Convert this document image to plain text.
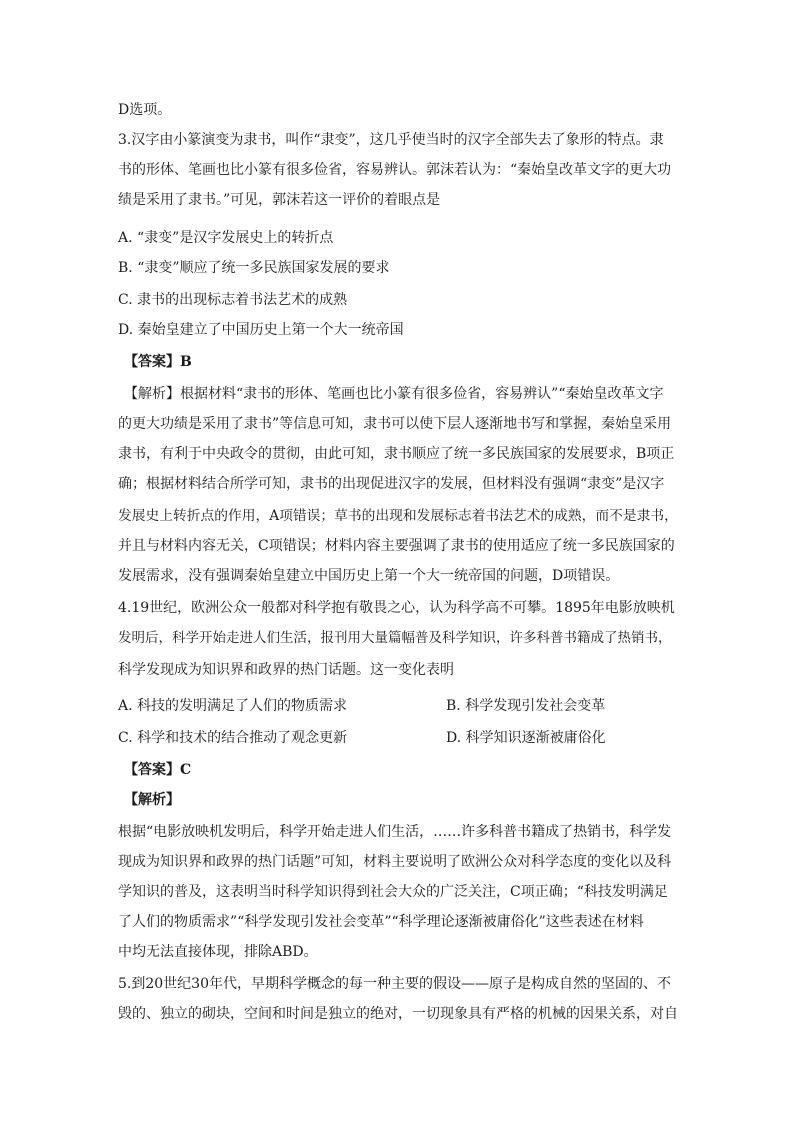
D选项。
3.汉字由小篆演变为隶书，叫作“隶变”，这几乎使当时的汉字全部失去了象形的特点。隶
书的形体、笔画也比小篆有很多俭省，容易辨认。郭沫若认为：“秦始皇改革文字的更大功
绩是采用了隶书。”可见，郭沫若这一评价的着眼点是
A. “隶变”是汉字发展史上的转折点
B. “隶变”顺应了统一多民族国家发展的要求
C. 隶书的出现标志着书法艺术的成熟
D. 秦始皇建立了中国历史上第一个大一统帝国
【答案】B
【解析】根据材料“隶书的形体、笔画也比小篆有很多俭省，容易辨认”“秦始皇改革文字
的更大功绩是采用了隶书”等信息可知，隶书可以使下层人逐渐地书写和掌握，秦始皇采用
隶书，有利于中央政令的贯彻，由此可知，隶书顺应了统一多民族国家的发展要求，B项正
确；根据材料结合所学可知，隶书的出现促进汉字的发展，但材料没有强调“隶变”是汉字
发展史上转折点的作用，A项错误；草书的出现和发展标志着书法艺术的成熟，而不是隶书，
并且与材料内容无关，C项错误；材料内容主要强调了隶书的使用适应了统一多民族国家的
发展需求，没有强调秦始皇建立中国历史上第一个大一统帝国的问题，D项错误。
4.19世纪，欧洲公众一般都对科学抱有敬畏之心，认为科学高不可攀。1895年电影放映机
发明后，科学开始走进人们生活，报刊用大量篇幅普及科学知识，许多科普书籍成了热销书，
科学发现成为知识界和政界的热门话题。这一变化表明
A. 科技的发明满足了人们的物质需求	B. 科学发现引发社会变革
C. 科学和技术的结合推动了观念更新	D. 科学知识逐渐被庸俗化
【答案】C
【解析】
根据“电影放映机发明后，科学开始走进人们生活，……许多科普书籍成了热销书，科学发
现成为知识界和政界的热门话题”可知，材料主要说明了欧洲公众对科学态度的变化以及科
学知识的普及，这表明当时科学知识得到社会大众的广泛关注，C项正确；“科技发明满足
了人们的物质需求”“科学发现引发社会变革”“科学理论逐渐被庸俗化”这些表述在材料
中均无法直接体现，排除ABD。
5.到20世纪30年代，早期科学概念的每一种主要的假设——原子是构成自然的坚固的、不
毁的、独立的砌块，空间和时间是独立的绝对，一切现象具有严格的机械的因果关系，对自
